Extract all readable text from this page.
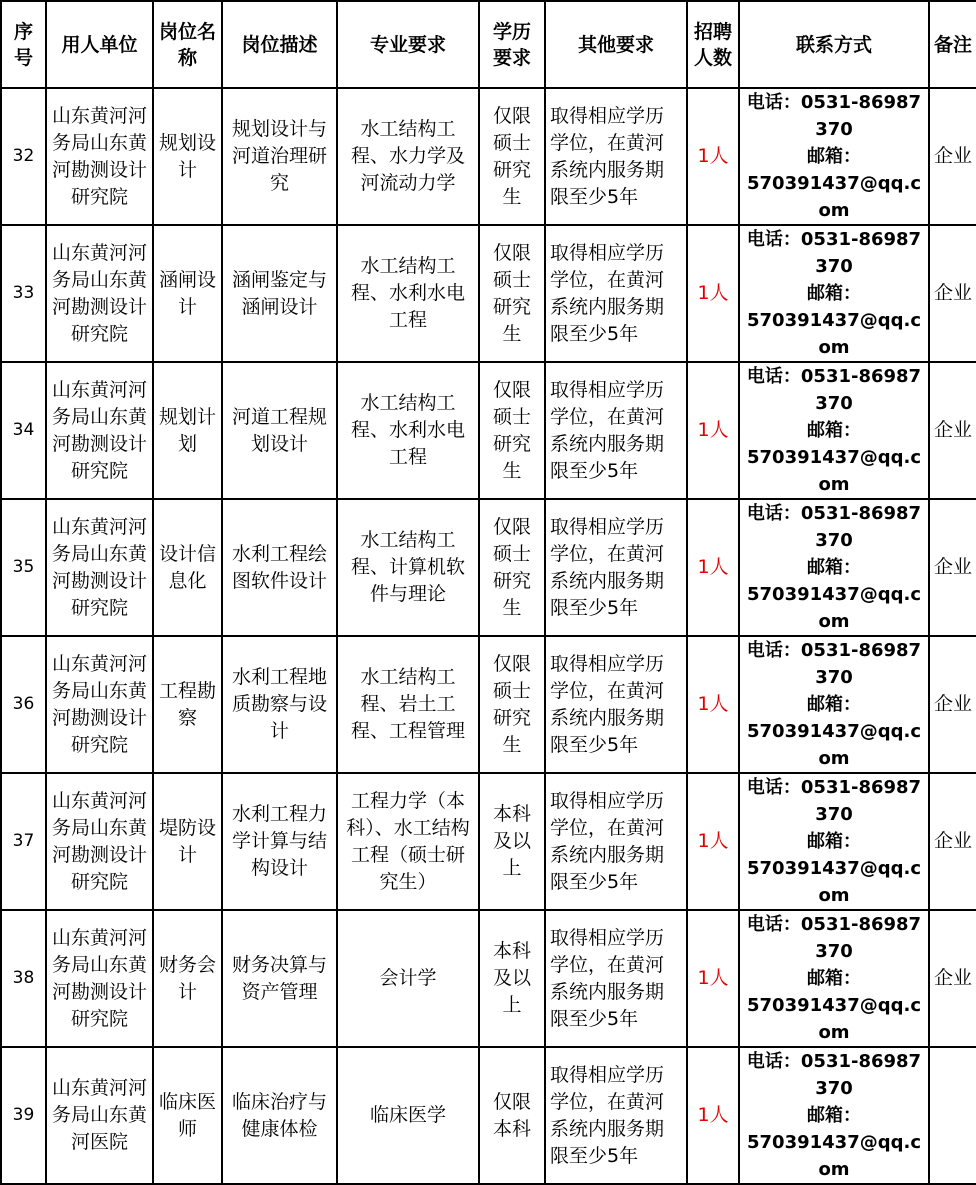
序号	用人单位	岗位名称	岗位描述	专业要求	学历要求	其他要求	招聘人数	联系方式	备注
32	山东黄河河务局山东黄河勘测设计研究院	规划设计	规划设计与河道治理研究	水工结构工程、水力学及河流动力学	仅限硕士研究生	取得相应学历学位，在黄河系统内服务期限至少5年	1人	电话：0531-86987370
邮箱：
570391437@qq.com	企业
33	山东黄河河务局山东黄河勘测设计研究院	涵闸设计	涵闸鉴定与涵闸设计	水工结构工程、水利水电工程	仅限硕士研究生	取得相应学历学位，在黄河系统内服务期限至少5年	1人	电话：0531-86987370
邮箱：
570391437@qq.com	企业
34	山东黄河河务局山东黄河勘测设计研究院	规划计划	河道工程规划设计	水工结构工程、水利水电工程	仅限硕士研究生	取得相应学历学位，在黄河系统内服务期限至少5年	1人	电话：0531-86987370
邮箱：
570391437@qq.com	企业
35	山东黄河河务局山东黄河勘测设计研究院	设计信息化	水利工程绘图软件设计	水工结构工程、计算机软件与理论	仅限硕士研究生	取得相应学历学位，在黄河系统内服务期限至少5年	1人	电话：0531-86987370
邮箱：
570391437@qq.com	企业
36	山东黄河河务局山东黄河勘测设计研究院	工程勘察	水利工程地质勘察与设计	水工结构工程、岩土工程、工程管理	仅限硕士研究生	取得相应学历学位，在黄河系统内服务期限至少5年	1人	电话：0531-86987370
邮箱：
570391437@qq.com	企业
37	山东黄河河务局山东黄河勘测设计研究院	堤防设计	水利工程力学计算与结构设计	工程力学（本科）、水工结构工程（硕士研究生）	本科及以上	取得相应学历学位，在黄河系统内服务期限至少5年	1人	电话：0531-86987370
邮箱：
570391437@qq.com	企业
38	山东黄河河务局山东黄河勘测设计研究院	财务会计	财务决算与资产管理	会计学	本科及以上	取得相应学历学位，在黄河系统内服务期限至少5年	1人	电话：0531-86987370
邮箱：
570391437@qq.com	企业
39	山东黄河河务局山东黄河医院	临床医师	临床治疗与健康体检	临床医学	仅限本科	取得相应学历学位，在黄河系统内服务期限至少5年	1人	电话：0531-86987370
邮箱：
570391437@qq.com	
